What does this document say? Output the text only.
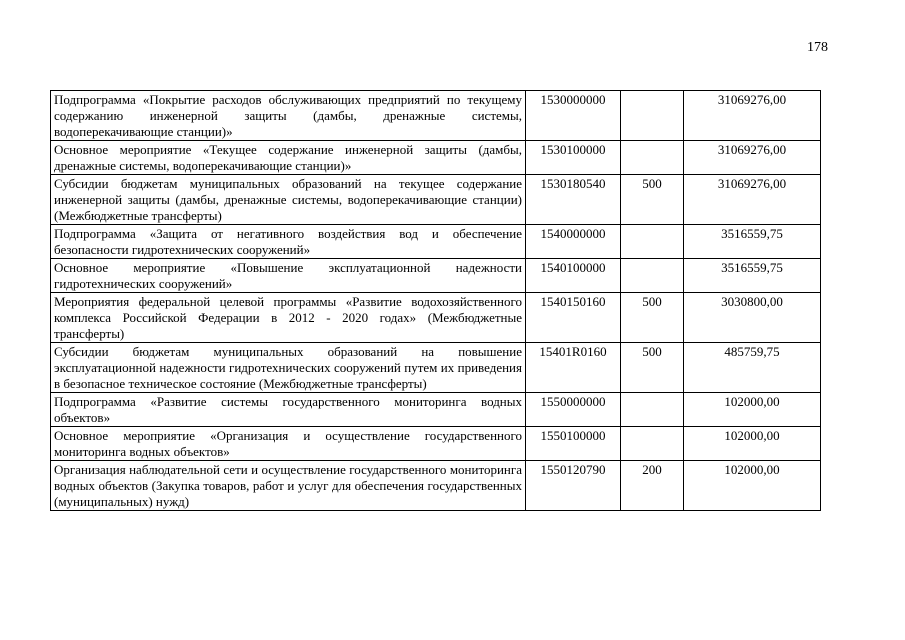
178
Подпрограмма «Покрытие расходов обслуживающих предприятий по текущему содержанию инженерной защиты (дамбы, дренажные системы, водоперекачивающие станции)»	1530000000		31069276,00
Основное мероприятие «Текущее содержание инженерной защиты (дамбы, дренажные системы, водоперекачивающие станции)»	1530100000		31069276,00
Субсидии бюджетам муниципальных образований на текущее содержание инженерной защиты (дамбы, дренажные системы, водоперекачивающие станции) (Межбюджетные трансферты)	1530180540	500	31069276,00
Подпрограмма «Защита от негативного воздействия вод и обеспечение безопасности гидротехнических сооружений»	1540000000		3516559,75
Основное мероприятие «Повышение эксплуатационной надежности гидротехнических сооружений»	1540100000		3516559,75
Мероприятия федеральной целевой программы «Развитие водохозяйственного комплекса Российской Федерации в 2012 - 2020 годах» (Межбюджетные трансферты)	1540150160	500	3030800,00
Субсидии бюджетам муниципальных образований на повышение эксплуатационной надежности гидротехнических сооружений путем их приведения в безопасное техническое состояние (Межбюджетные трансферты)	15401R0160	500	485759,75
Подпрограмма «Развитие системы государственного мониторинга водных объектов»	1550000000		102000,00
Основное мероприятие «Организация и осуществление государственного мониторинга водных объектов»	1550100000		102000,00
Организация наблюдательной сети и осуществление государственного мониторинга водных объектов (Закупка товаров, работ и услуг для обеспечения государственных (муниципальных) нужд)	1550120790	200	102000,00
